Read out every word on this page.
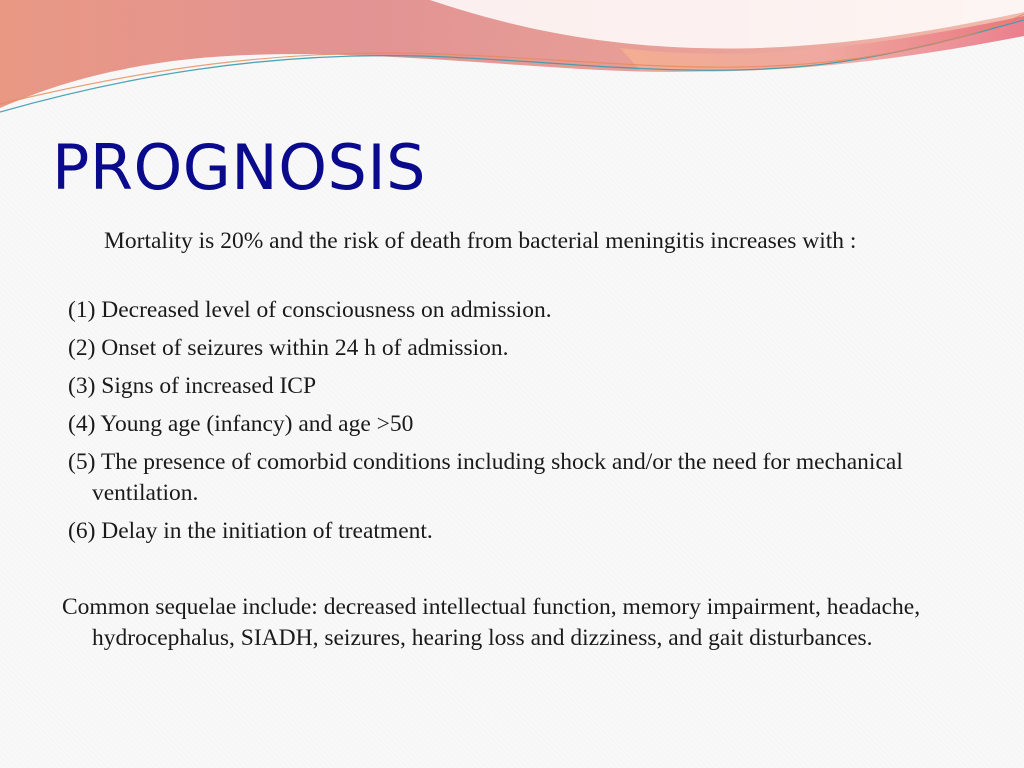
PROGNOSIS

Mortality is 20% and the risk of death from bacterial meningitis increases with :

(1) Decreased level of consciousness on admission.

(2) Onset of seizures within 24 h of admission.

(3) Signs of increased ICP

(4) Young age (infancy) and age >50

(5) The presence of comorbid conditions including shock and/or the need for mechanical ventilation.

(6) Delay in the initiation of treatment.

Common sequelae include: decreased intellectual function, memory impairment, headache, hydrocephalus, SIADH, seizures, hearing loss and dizziness, and gait disturbances.
